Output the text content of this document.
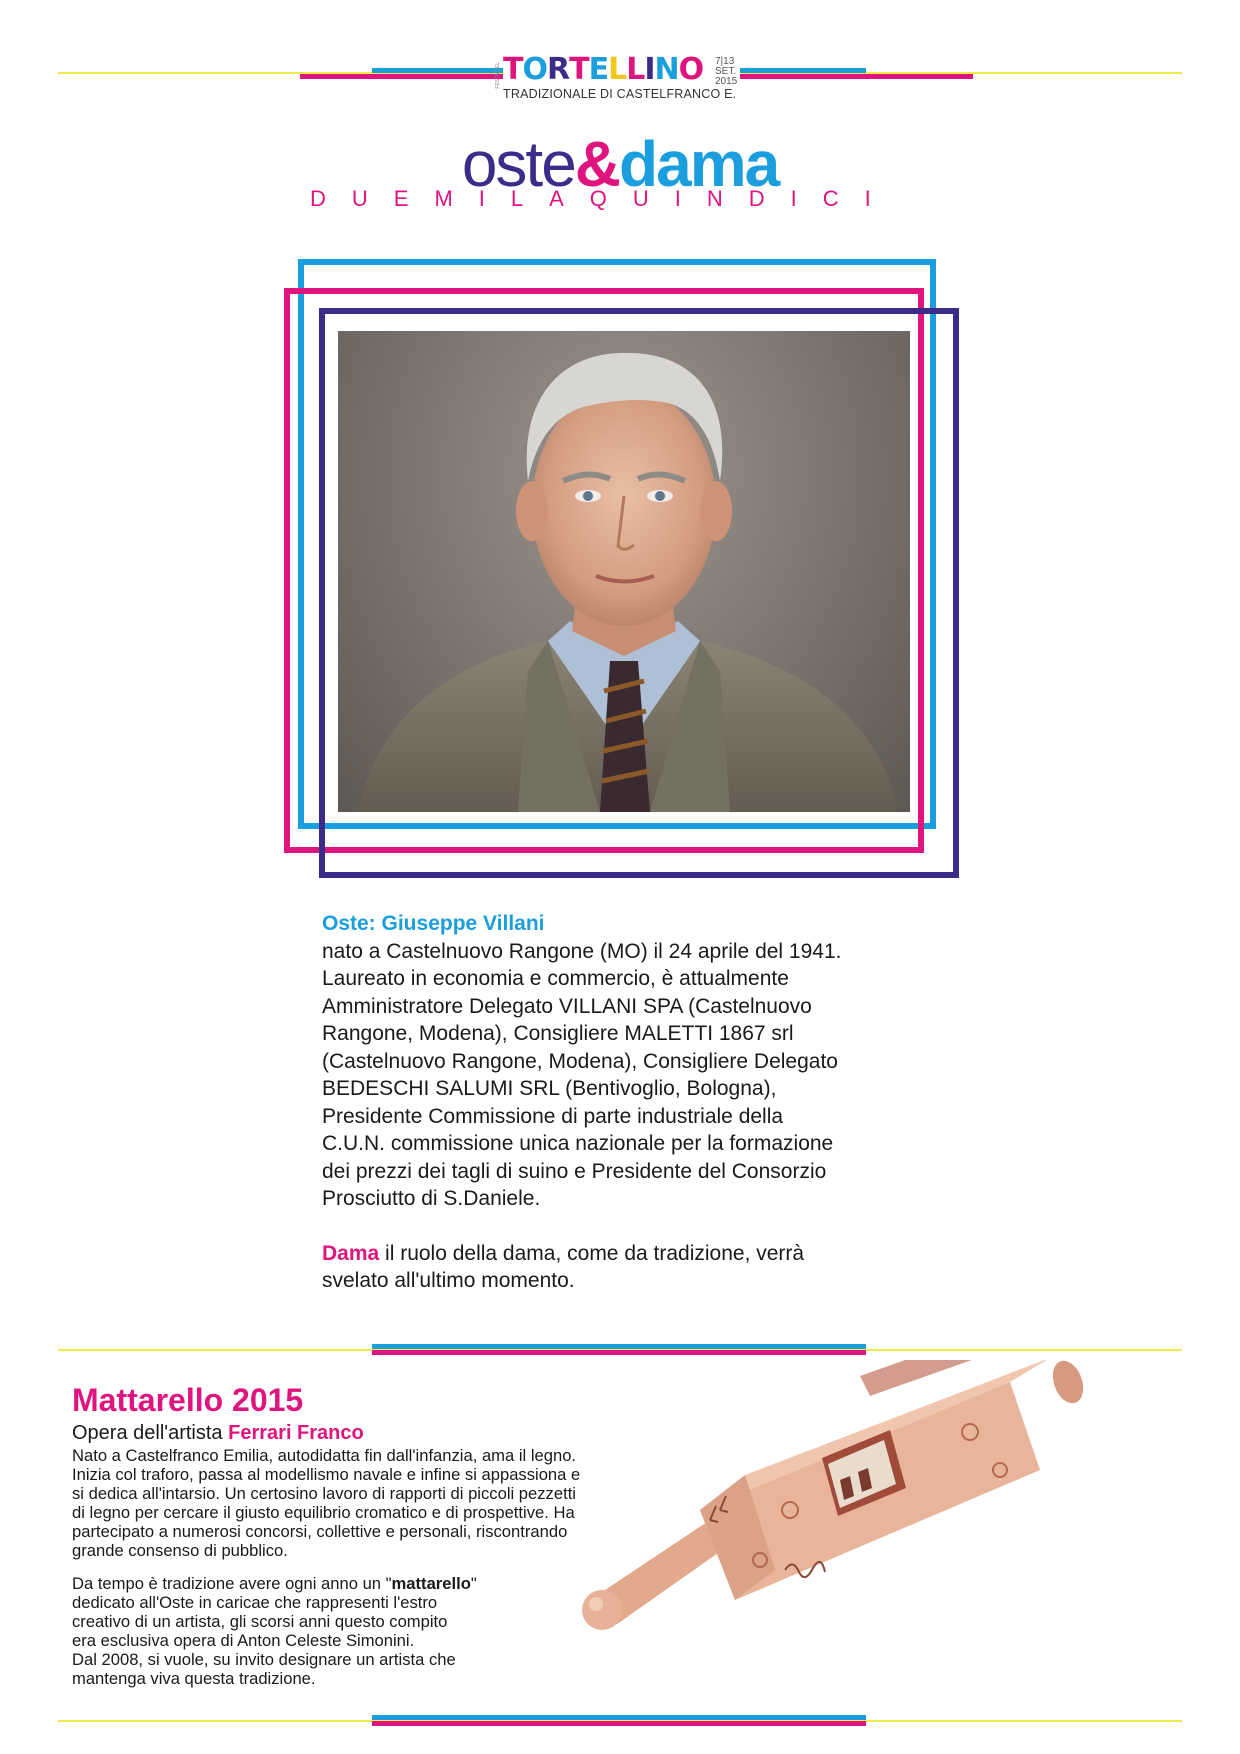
FESTA DEL TORTELLINO 7|13
SET.
2015
TRADIZIONALE DI CASTELFRANCO E.
oste&dama
DUEMILAQUINDICI

Oste: Giuseppe Villani

nato a Castelnuovo Rangone (MO) il 24 aprile del 1941.

Laureato in economia e commercio, è attualmente

Amministratore Delegato VILLANI SPA (Castelnuovo

Rangone, Modena), Consigliere MALETTI 1867 srl

(Castelnuovo Rangone, Modena), Consigliere Delegato

BEDESCHI SALUMI SRL (Bentivoglio, Bologna),

Presidente Commissione di parte industriale della

C.U.N. commissione unica nazionale per la formazione

dei prezzi dei tagli di suino e Presidente del Consorzio

Prosciutto di S.Daniele.

Dama il ruolo della dama, come da tradizione, verrà

svelato all'ultimo momento.

Mattarello 2015
Opera dell'artista Ferrari Franco

Nato a Castelfranco Emilia, autodidatta fin dall'infanzia, ama il legno.

Inizia col traforo, passa al modellismo navale e infine si appassiona e

si dedica all'intarsio. Un certosino lavoro di rapporti di piccoli pezzetti

di legno per cercare il giusto equilibrio cromatico e di prospettive. Ha

partecipato a numerosi concorsi, collettive e personali, riscontrando

grande consenso di pubblico.

Da tempo è tradizione avere ogni anno un "mattarello"

dedicato all'Oste in caricae che rappresenti l'estro

creativo di un artista, gli scorsi anni questo compito

era esclusiva opera di Anton Celeste Simonini.

Dal 2008, si vuole, su invito designare un artista che

mantenga viva questa tradizione.
